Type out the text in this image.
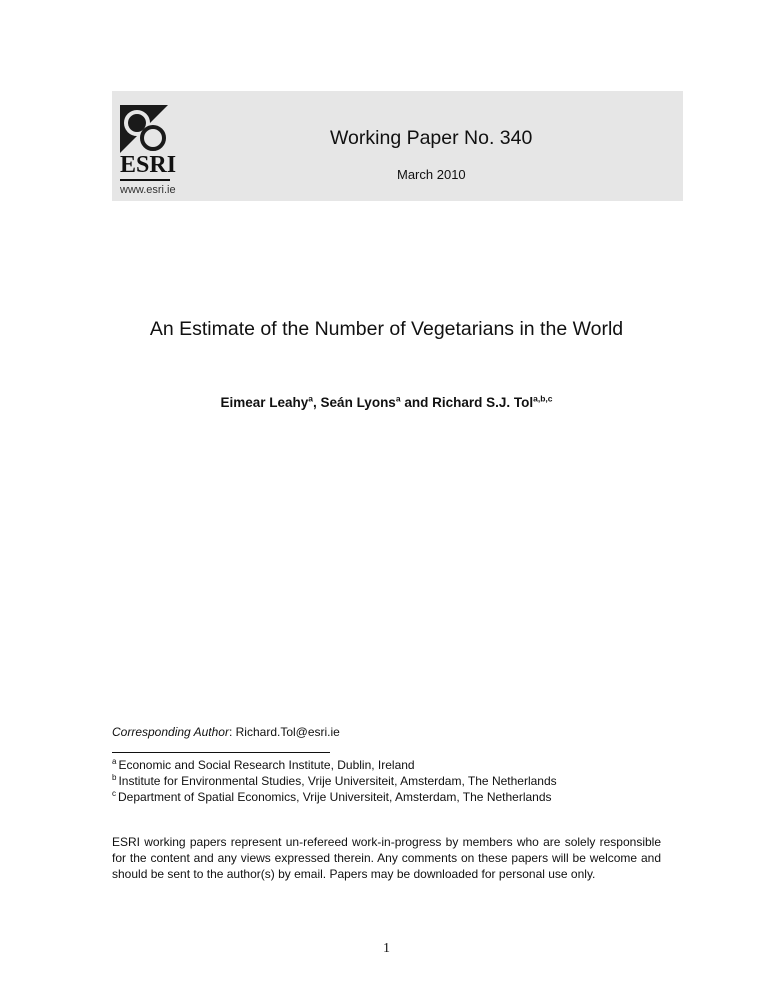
ESRI
www.esri.ie
Working Paper No. 340
March 2010
An Estimate of the Number of Vegetarians in the World
Eimear Leahy$^a$, Seán Lyons$^a$ and Richard S.J. Tol$^{a,b,c}$
Corresponding Author: Richard.Tol@esri.ie
$^a$ Economic and Social Research Institute, Dublin, Ireland
$^b$ Institute for Environmental Studies, Vrije Universiteit, Amsterdam, The Netherlands
$^c$ Department of Spatial Economics, Vrije Universiteit, Amsterdam, The Netherlands
ESRI working papers represent un-refereed work-in-progress by members who are solely responsible for the content and any views expressed therein. Any comments on these papers will be welcome and should be sent to the author(s) by email. Papers may be downloaded for personal use only.
1
